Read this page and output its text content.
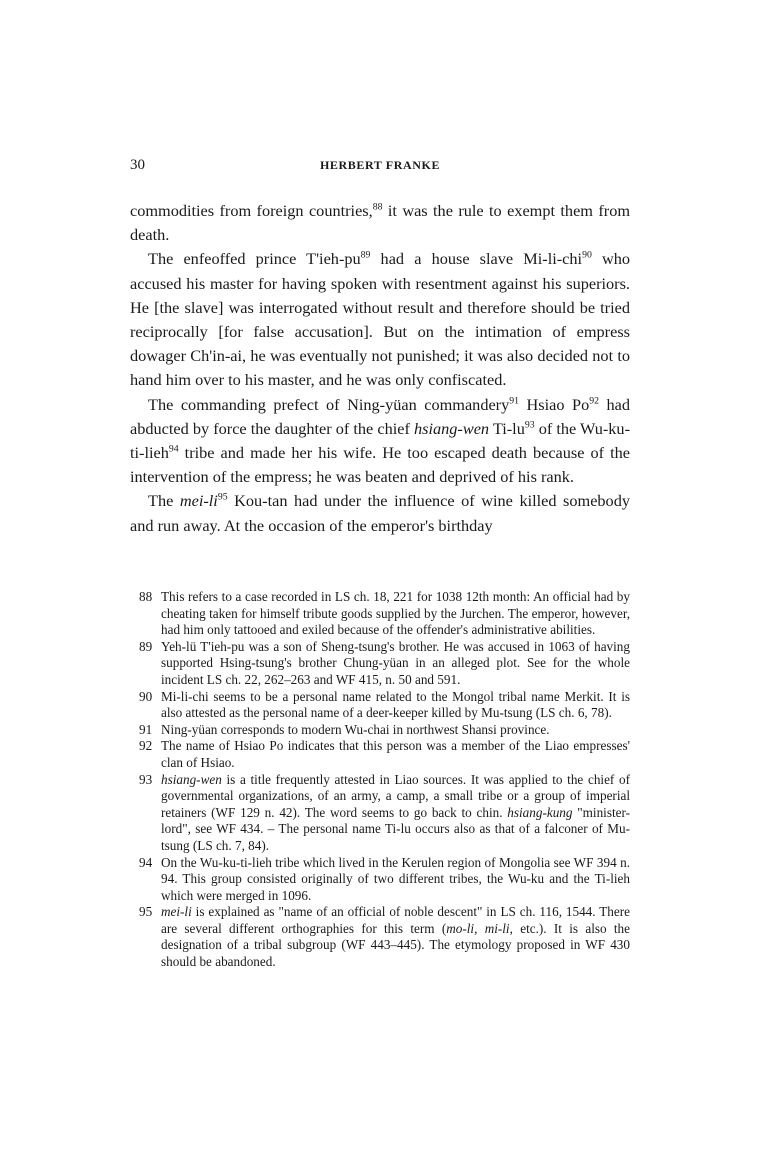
30	HERBERT FRANKE

commodities from foreign countries,$^{88}$ it was the rule to exempt them from death.

The enfeoffed prince $T'ieh-pu^{89}$ had a house slave Mi-li-chi$^{90}$ who accused his master for having spoken with resentment against his superiors. He [the slave] was interrogated without result and therefore should be tried reciprocally [for false accusation]. But on the intimation of empress dowager Ch'in-ai, he was eventually not punished; it was also decided not to hand him over to his master, and he was only confiscated.

The commanding prefect of Ning-yüan commandery$^{91}$ Hsiao Po$^{92}$ had abducted by force the daughter of the chief hsiang-wen $Ti-lu^{93}$ of the Wu-ku-ti-lieh$^{94}$ tribe and made her his wife. He too escaped death because of the intervention of the empress; he was beaten and deprived of his rank.

The mei-$li^{95}$ Kou-tan had under the influence of wine killed somebody and run away. At the occasion of the emperor's birthday

88 This refers to a case recorded in LS ch. 18, 221 for 1038 12th month: An official had by cheating taken for himself tribute goods supplied by the Jurchen. The emperor, however, had him only tattooed and exiled because of the offender's administrative abilities.
89 Yeh-lü T'ieh-pu was a son of Sheng-tsung's brother. He was accused in 1063 of having supported Hsing-tsung's brother Chung-yüan in an alleged plot. See for the whole incident LS ch. 22, 262–263 and WF 415, n. 50 and 591.
90 Mi-li-chi seems to be a personal name related to the Mongol tribal name Merkit. It is also attested as the personal name of a deer-keeper killed by Mu-tsung (LS ch. 6, 78).
91 Ning-yüan corresponds to modern Wu-chai in northwest Shansi province.
92 The name of Hsiao Po indicates that this person was a member of the Liao empresses' clan of Hsiao.
93 hsiang-wen is a title frequently attested in Liao sources. It was applied to the chief of governmental organizations, of an army, a camp, a small tribe or a group of imperial retainers (WF 129 n. 42). The word seems to go back to chin. hsiang-kung "minister-lord", see WF 434. – The personal name Ti-lu occurs also as that of a falconer of Mu-tsung (LS ch. 7, 84).
94 On the Wu-ku-ti-lieh tribe which lived in the Kerulen region of Mongolia see WF 394 n. 94. This group consisted originally of two different tribes, the Wu-ku and the Ti-lieh which were merged in 1096.
95 mei-li is explained as "name of an official of noble descent" in LS ch. 116, 1544. There are several different orthographies for this term (mo-li, mi-li, etc.). It is also the designation of a tribal subgroup (WF 443–445). The etymology proposed in WF 430 should be abandoned.
